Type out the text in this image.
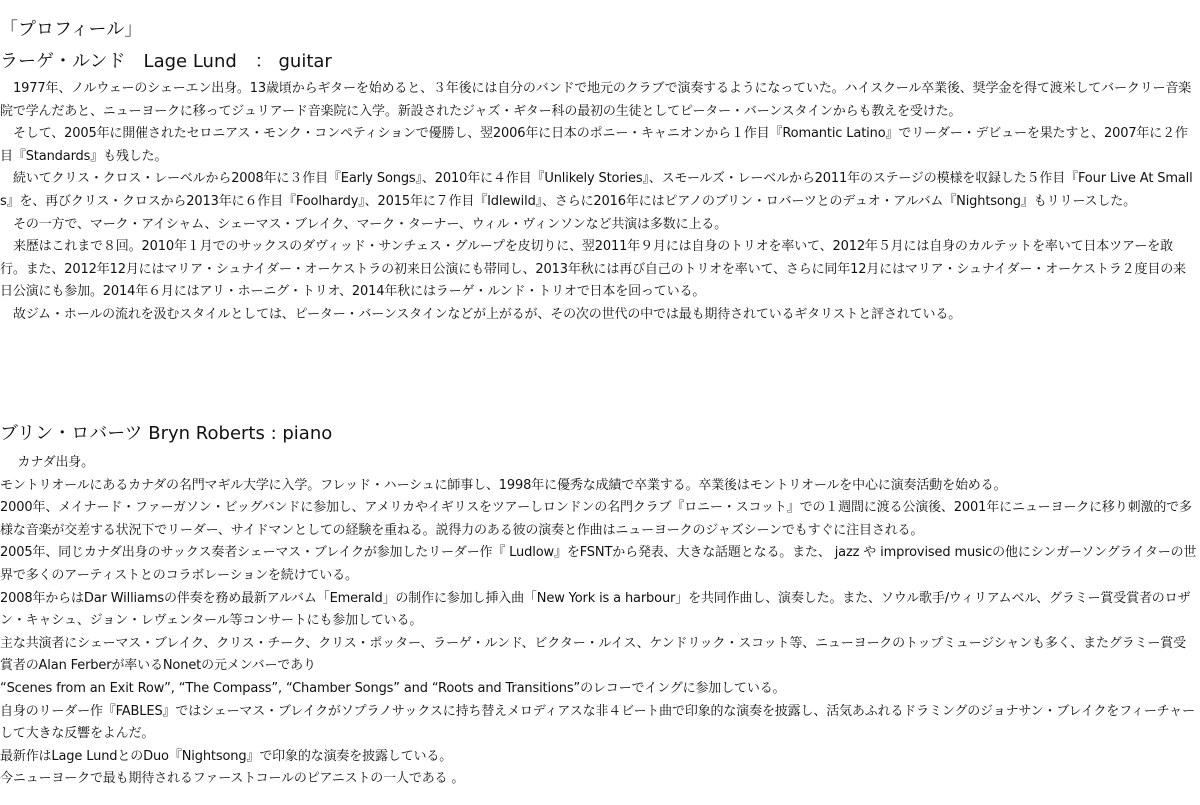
「プロフィール」
ラーゲ・ルンド　Lage Lund　： guitar

1977年、ノルウェーのシェーエン出身。13歳頃からギターを始めると、３年後には自分のバンドで地元のクラブで演奏するようになっていた。ハイスクール卒業後、奨学金を得て渡米してバークリー音楽院で学んだあと、ニューヨークに移ってジュリアード音楽院に入学。新設されたジャズ・ギター科の最初の生徒としてピーター・バーンスタインからも教えを受けた。

そして、2005年に開催されたセロニアス・モンク・コンペティションで優勝し、翌2006年に日本のポニー・キャニオンから１作目『Romantic Latino』でリーダー・デビューを果たすと、2007年に２作目『Standards』も残した。

続いてクリス・クロス・レーベルから2008年に３作目『Early Songs』、2010年に４作目『Unlikely Stories』、スモールズ・レーベルから2011年のステージの模様を収録した５作目『Four Live At Smalls』を、再びクリス・クロスから2013年に６作目『Foolhardy』、2015年に７作目『Idlewild』、さらに2016年にはピアノのブリン・ロバーツとのデュオ・アルバム『Nightsong』もリリースした。

その一方で、マーク・アイシャム、シェーマス・ブレイク、マーク・ターナー、ウィル・ヴィンソンなど共演は多数に上る。

来歴はこれまで８回。2010年１月でのサックスのダヴィッド・サンチェス・グループを皮切りに、翌2011年９月には自身のトリオを率いて、2012年５月には自身のカルテットを率いて日本ツアーを敢行。また、2012年12月にはマリア・シュナイダー・オーケストラの初来日公演にも帯同し、2013年秋には再び自己のトリオを率いて、さらに同年12月にはマリア・シュナイダー・オーケストラ２度目の来日公演にも参加。2014年６月にはアリ・ホーニグ・トリオ、2014年秋にはラーゲ・ルンド・トリオで日本を回っている。

故ジム・ホールの流れを汲むスタイルとしては、ピーター・バーンスタインなどが上がるが、その次の世代の中では最も期待されているギタリストと評されている。

ブリン・ロバーツ Bryn Roberts : piano

カナダ出身。

モントリオールにあるカナダの名門マギル大学に入学。フレッド・ハーシュに師事し、1998年に優秀な成績で卒業する。卒業後はモントリオールを中心に演奏活動を始める。

2000年、メイナード・ファーガソン・ビッグバンドに参加し、アメリカやイギリスをツアーしロンドンの名門クラブ『ロニー・スコット』での１週間に渡る公演後、2001年にニューヨークに移り刺激的で多様な音楽が交差する状況下でリーダー、サイドマンとしての経験を重ねる。説得力のある彼の演奏と作曲はニューヨークのジャズシーンでもすぐに注目される。

2005年、同じカナダ出身のサックス奏者シェーマス・ブレイクが参加したリーダー作『 Ludlow』をFSNTから発表、大きな話題となる。また、 jazz や improvised musicの他にシンガーソングライターの世界で多くのアーティストとのコラボレーションを続けている。

2008年からはDar Williamsの伴奏を務め最新アルバム「Emerald」の制作に参加し挿入曲「New York is a harbour」を共同作曲し、演奏した。また、ソウル歌手/ウィリアムベル、グラミー賞受賞者のロザン・キャシュ、ジョン・レヴェンタール等コンサートにも参加している。

主な共演者にシェーマス・ブレイク、クリス・チーク、クリス・ポッター、ラーゲ・ルンド、ビクター・ルイス、ケンドリック・スコット等、ニューヨークのトップミュージシャンも多く、またグラミー賞受賞者のAlan Ferberが率いるNonetの元メンバーであり

“Scenes from an Exit Row”, “The Compass”, “Chamber Songs” and “Roots and Transitions”のレコーでイングに参加している。

自身のリーダー作『FABLES』ではシェーマス・ブレイクがソプラノサックスに持ち替えメロディアスな非４ビート曲で印象的な演奏を披露し、活気あふれるドラミングのジョナサン・ブレイクをフィーチャーして大きな反響をよんだ。

最新作はLage LundとのDuo『Nightsong』で印象的な演奏を披露している。

今ニューヨークで最も期待されるファーストコールのピアニストの一人である 。
